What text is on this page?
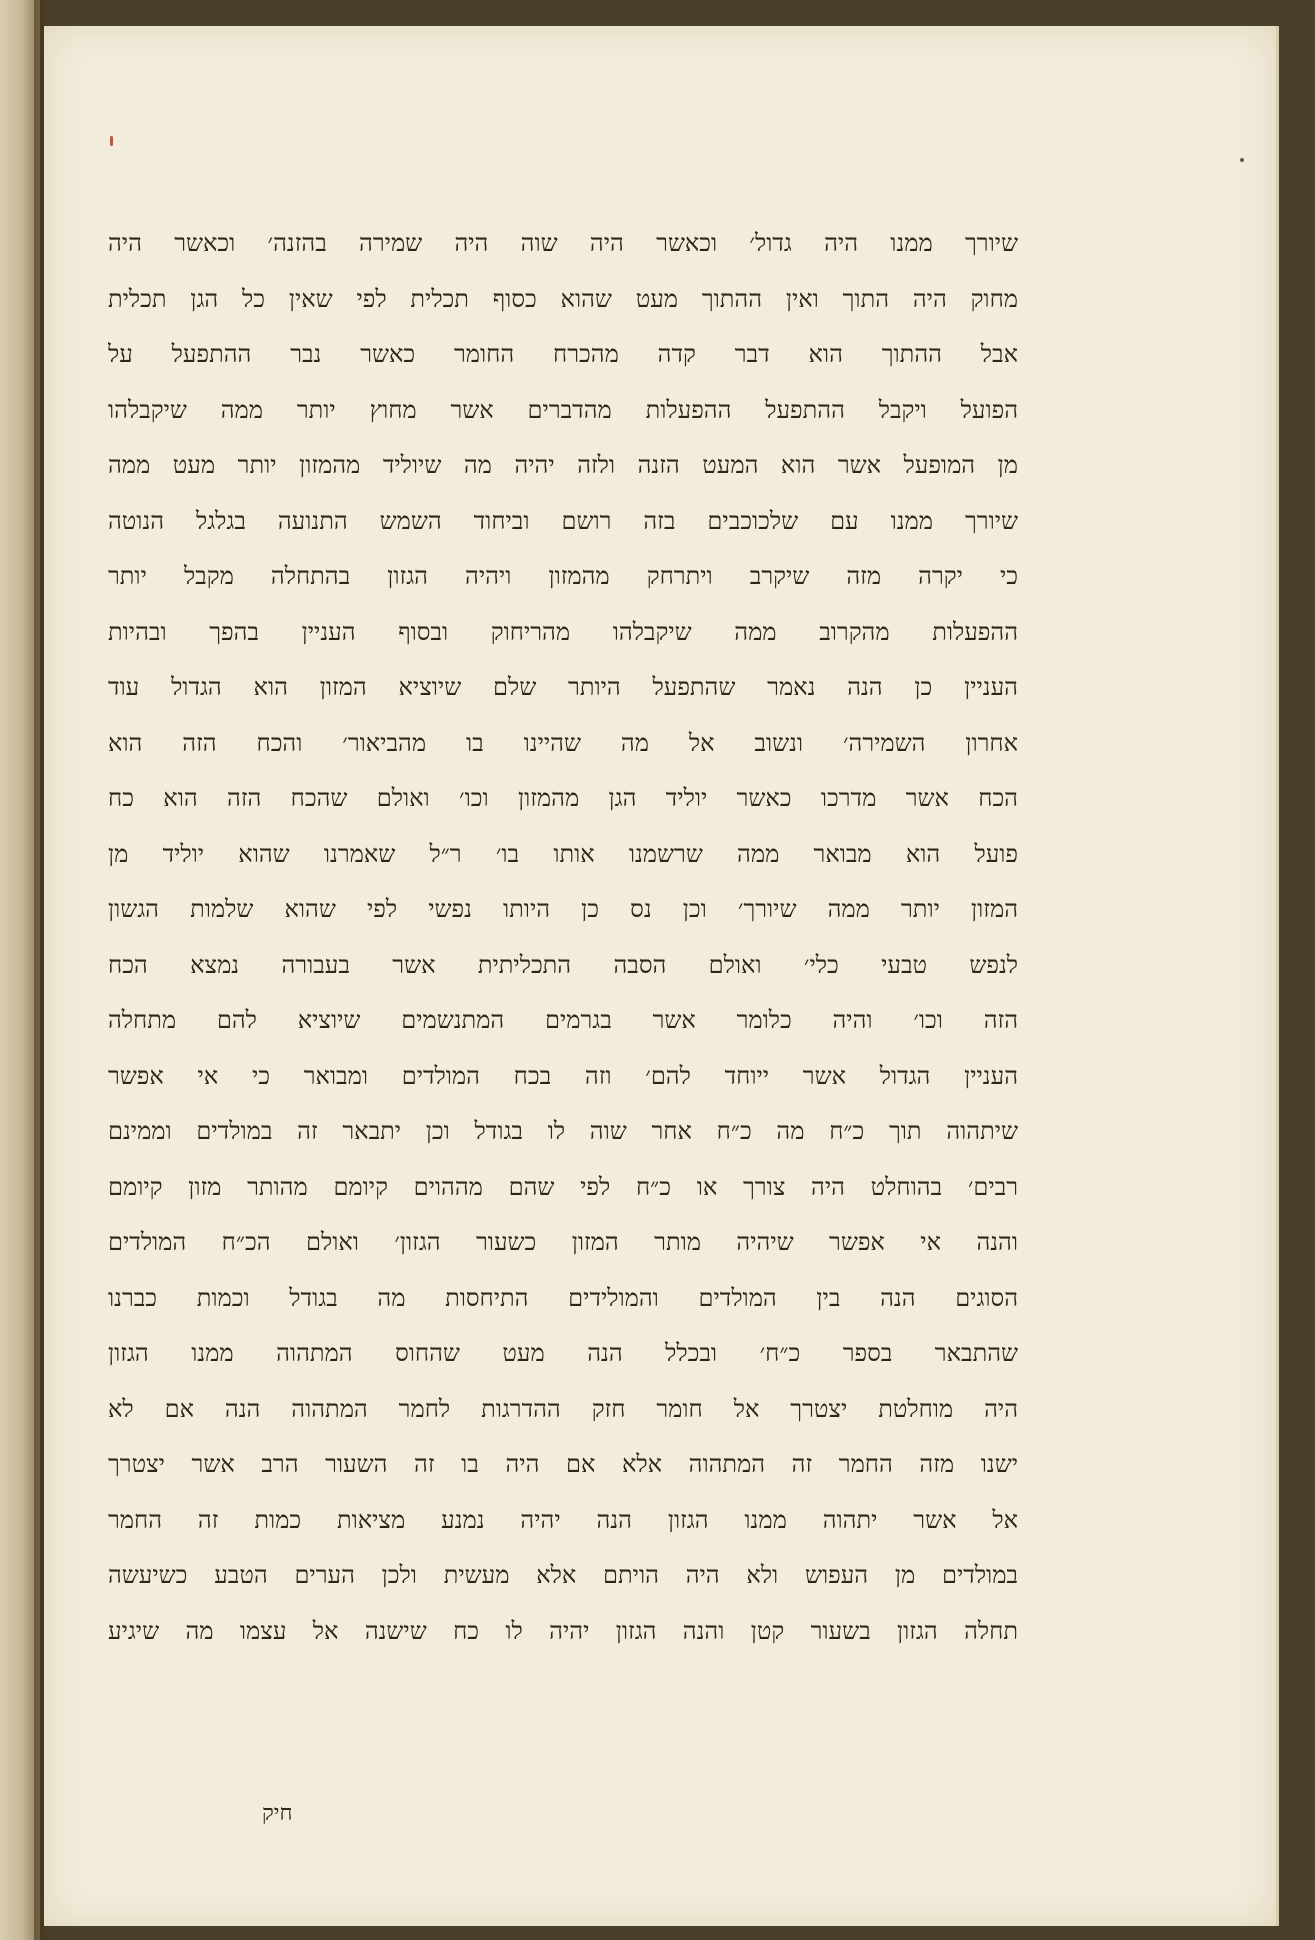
שיורך ממנו היה גדול׳ וכאשר היה שוה היה שמירה בהזנה׳ וכאשר היה
מחוק היה התוך ואין ההתוך מעט שהוא כסוף תכלית לפי שאין כל הגן תכלית
אבל ההתוך הוא דבר קדה מהכרח החומר כאשר נבר ההתפעל על
הפועל ויקבל ההתפעל ההפעלות מהדברים אשר מחוץ יותר ממה שיקבלהו
מן המופעל אשר הוא המעט הזנה ולזה יהיה מה שיוליד מהמזון יותר מעט ממה
שיורך ממנו עם שלכוכבים בזה רושם וביחוד השמש התנועה בגלגל הנוטה
כי יקרה מזה שיקרב ויתרחק מהמזון ויהיה הגזון בהתחלה מקבל יותר
ההפעלות מהקרוב ממה שיקבלהו מהריחוק ובסוף העניין בהפך ובהיות
העניין כן הנה נאמר שהתפעל היותר שלם שיוציא המזון הוא הגדול עוד
אחרון השמירה׳ ונשוב אל מה שהיינו בו מהביאור׳ והכח הזה הוא
הכח אשר מדרכו כאשר יוליד הגן מהמזון וכו׳ ואולם שהכח הזה הוא כח
פועל הוא מבואר ממה שרשמנו אותו בו׳ ר״ל שאמרנו שהוא יוליד מן
המזון יותר ממה שיורך׳ וכן נס כן היותו נפשי לפי שהוא שלמות הגשון
לנפש טבעי כלי׳ ואולם הסבה התכליתית אשר בעבורה נמצא הכח
הזה וכו׳ והיה כלומר אשר בגרמים המתנשמים שיוציא להם מתחלה
העניין הגדול אשר ייוחד להם׳ וזה בכח המולדים ומבואר כי אי אפשר
שיתהוה תוך כ״ח מה כ״ח אחר שוה לו בגודל וכן יתבאר זה במולדים וממינם
רבים׳ בהוחלט היה צורך או כ״ח לפי שהם מההוים קיומם מהותר מזון קיומם
והנה אי אפשר שיהיה מותר המזון כשעור הגזון׳ ואולם הכ״ח המולדים
הסוגים הנה בין המולדים והמולידים התיחסות מה בגודל וכמות כברנו
שהתבאר בספר כ״ח׳ ובכלל הנה מעט שהחוס המתהוה ממנו הגזון
היה מוחלטת יצטרך אל חומר חזק ההדרגות לחמר המתהוה הנה אם לא
ישנו מזה החמר זה המתהוה אלא אם היה בו זה השעור הרב אשר יצטרך
אל אשר יתהוה ממנו הגזון הנה יהיה נמנע מציאות כמות זה החמר
במולדים מן העפוש ולא היה הויתם אלא מעשית ולכן הערים הטבע כשיעשה
תחלה הגזון בשעור קטן והנה הגזון יהיה לו כח שישנה אל עצמו מה שיגיע
חיק
